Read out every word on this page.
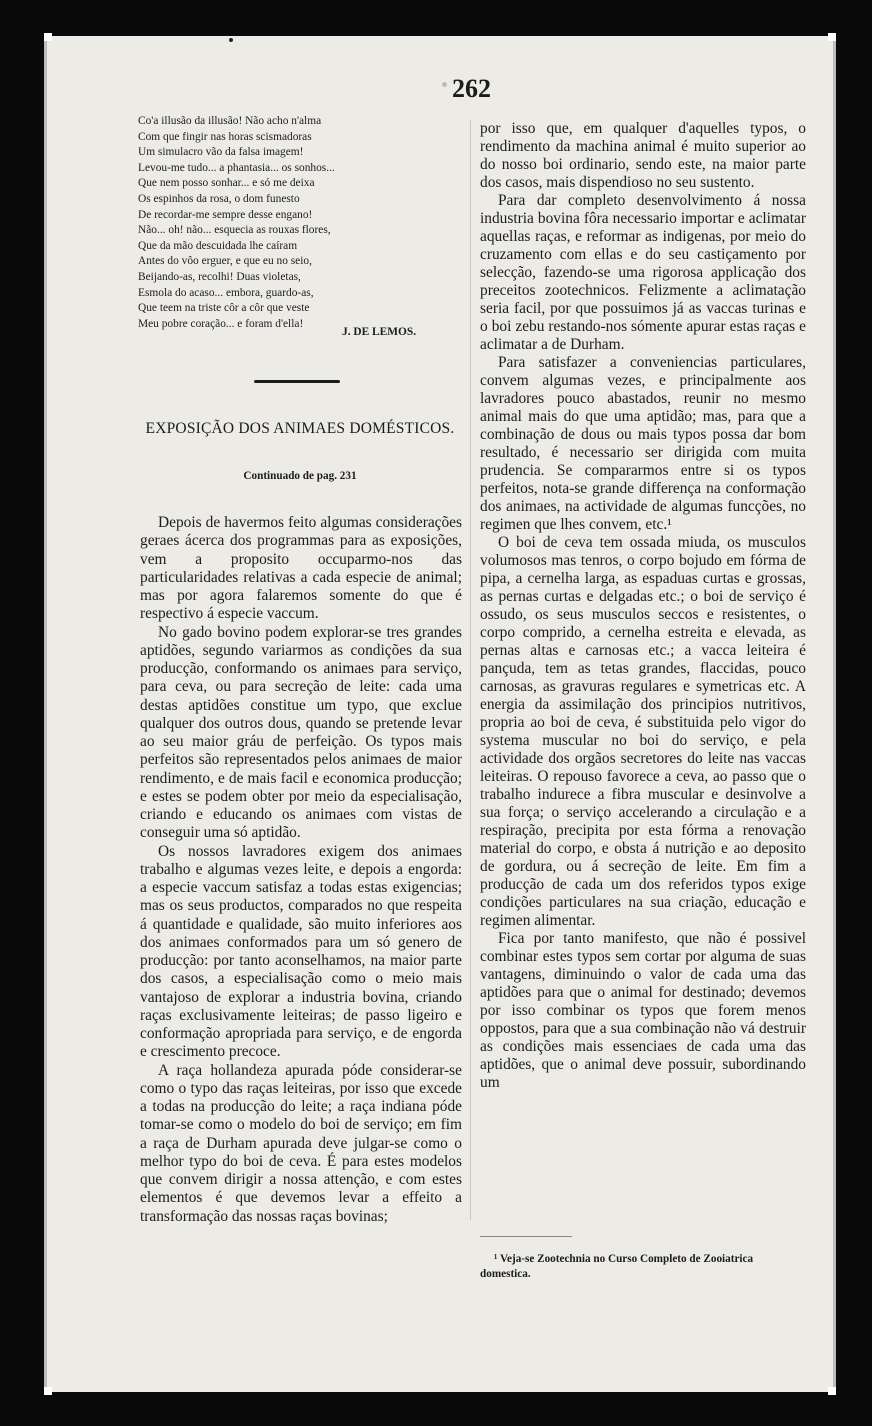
262
Co'a illusão da illusão! Não acho n'alma
Com que fingir nas horas scismadoras
Um simulacro vão da falsa imagem!
Levou-me tudo... a phantasia... os sonhos...
Que nem posso sonhar... e só me deixa
Os espinhos da rosa, o dom funesto
De recordar-me sempre desse engano!
Não... oh! não... esquecia as rouxas flores,
Que da mão descuidada lhe caíram
Antes do vôo erguer, e que eu no seio,
Beijando-as, recolhi! Duas violetas,
Esmola do acaso... embora, guardo-as,
Que teem na triste côr a côr que veste
Meu pobre coração... e foram d'ella!
J. DE LEMOS.
EXPOSIÇÃO DOS ANIMAES DOMÉSTICOS.
Continuado de pag. 231

Depois de havermos feito algumas considerações geraes ácerca dos programmas para as exposições, vem a proposito occuparmo-nos das particularidades relativas a cada especie de animal; mas por agora falaremos somente do que é respectivo á especie vaccum.

No gado bovino podem explorar-se tres grandes aptidões, segundo variarmos as condições da sua producção, conformando os animaes para serviço, para ceva, ou para secreção de leite: cada uma destas aptidões constitue um typo, que exclue qualquer dos outros dous, quando se pretende levar ao seu maior gráu de perfeição. Os typos mais perfeitos são representados pelos animaes de maior rendimento, e de mais facil e economica producção; e estes se podem obter por meio da especialisação, criando e educando os animaes com vistas de conseguir uma só aptidão.

Os nossos lavradores exigem dos animaes trabalho e algumas vezes leite, e depois a engorda: a especie vaccum satisfaz a todas estas exigencias; mas os seus productos, comparados no que respeita á quantidade e qualidade, são muito inferiores aos dos animaes conformados para um só genero de producção: por tanto aconselhamos, na maior parte dos casos, a especialisação como o meio mais vantajoso de explorar a industria bovina, criando raças exclusivamente leiteiras; de passo ligeiro e conformação apropriada para serviço, e de engorda e crescimento precoce.

A raça hollandeza apurada póde considerar-se como o typo das raças leiteiras, por isso que excede a todas na producção do leite; a raça indiana póde tomar-se como o modelo do boi de serviço; em fim a raça de Durham apurada deve julgar-se como o melhor typo do boi de ceva. É para estes modelos que convem dirigir a nossa attenção, e com estes elementos é que devemos levar a effeito a transformação das nossas raças bovinas;

por isso que, em qualquer d'aquelles typos, o rendimento da machina animal é muito superior ao do nosso boi ordinario, sendo este, na maior parte dos casos, mais dispendioso no seu sustento.

Para dar completo desenvolvimento á nossa industria bovina fôra necessario importar e aclimatar aquellas raças, e reformar as indigenas, por meio do cruzamento com ellas e do seu castiçamento por selecção, fazendo-se uma rigorosa applicação dos preceitos zootechnicos. Felizmente a aclimatação seria facil, por que possuimos já as vaccas turinas e o boi zebu restando-nos sómente apurar estas raças e aclimatar a de Durham.

Para satisfazer a conveniencias particulares, convem algumas vezes, e principalmente aos lavradores pouco abastados, reunir no mesmo animal mais do que uma aptidão; mas, para que a combinação de dous ou mais typos possa dar bom resultado, é necessario ser dirigida com muita prudencia. Se compararmos entre si os typos perfeitos, nota-se grande differença na conformação dos animaes, na actividade de algumas funcções, no regimen que lhes convem, etc.¹

O boi de ceva tem ossada miuda, os musculos volumosos mas tenros, o corpo bojudo em fórma de pipa, a cernelha larga, as espaduas curtas e grossas, as pernas curtas e delgadas etc.; o boi de serviço é ossudo, os seus musculos seccos e resistentes, o corpo comprido, a cernelha estreita e elevada, as pernas altas e carnosas etc.; a vacca leiteira é pançuda, tem as tetas grandes, flaccidas, pouco carnosas, as gravuras regulares e symetricas etc. A energia da assimilação dos principios nutritivos, propria ao boi de ceva, é substituida pelo vigor do systema muscular no boi do serviço, e pela actividade dos orgãos secretores do leite nas vaccas leiteiras. O repouso favorece a ceva, ao passo que o trabalho indurece a fibra muscular e desinvolve a sua força; o serviço accelerando a circulação e a respiração, precipita por esta fórma a renovação material do corpo, e obsta á nutrição e ao deposito de gordura, ou á secreção de leite. Em fim a producção de cada um dos referidos typos exige condições particulares na sua criação, educação e regimen alimentar.

Fica por tanto manifesto, que não é possivel combinar estes typos sem cortar por alguma de suas vantagens, diminuindo o valor de cada uma das aptidões para que o animal for destinado; devemos por isso combinar os typos que forem menos oppostos, para que a sua combinação não vá destruir as condições mais essenciaes de cada uma das aptidões, que o animal deve possuir, subordinando um

¹ Veja-se Zootechnia no Curso Completo de Zooiatrica domestica.
